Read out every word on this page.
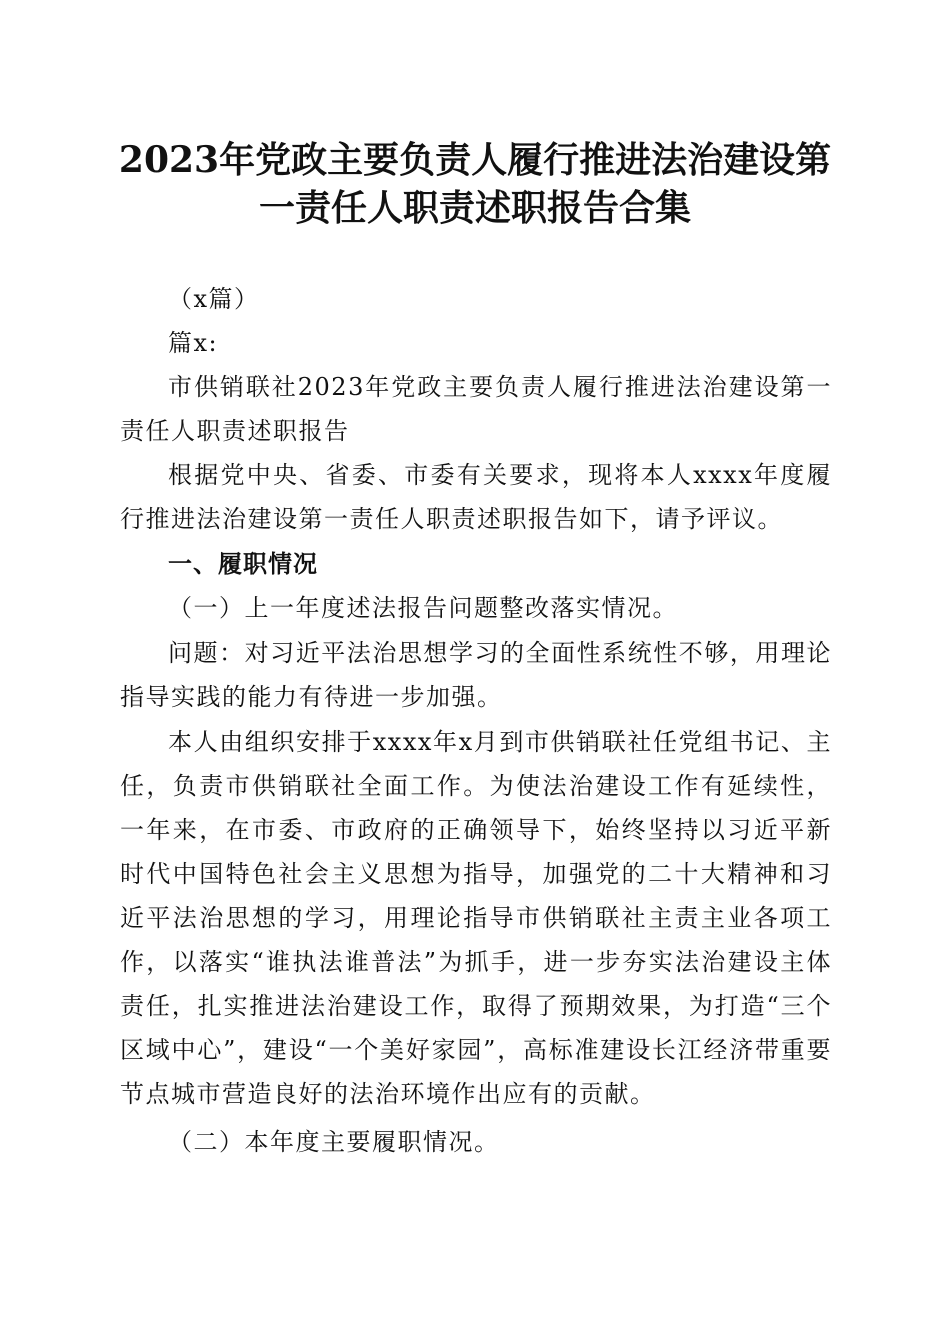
2023年党政主要负责人履行推进法治建设第
一责任人职责述职报告合集

（x篇）

篇x:

市供销联社2023年党政主要负责人履行推进法治建设第一责任人职责述职报告

根据党中央、省委、市委有关要求，现将本人xxxx年度履行推进法治建设第一责任人职责述职报告如下，请予评议。

一、履职情况

（一）上一年度述法报告问题整改落实情况。

问题：对习近平法治思想学习的全面性系统性不够，用理论指导实践的能力有待进一步加强。

本人由组织安排于xxxx年x月到市供销联社任党组书记、主任，负责市供销联社全面工作。为使法治建设工作有延续性，一年来，在市委、市政府的正确领导下，始终坚持以习近平新时代中国特色社会主义思想为指导，加强党的二十大精神和习近平法治思想的学习，用理论指导市供销联社主责主业各项工作，以落实“谁执法谁普法”为抓手，进一步夯实法治建设主体责任，扎实推进法治建设工作，取得了预期效果，为打造“三个区域中心”，建设“一个美好家园”，高标准建设长江经济带重要节点城市营造良好的法治环境作出应有的贡献。

（二）本年度主要履职情况。
